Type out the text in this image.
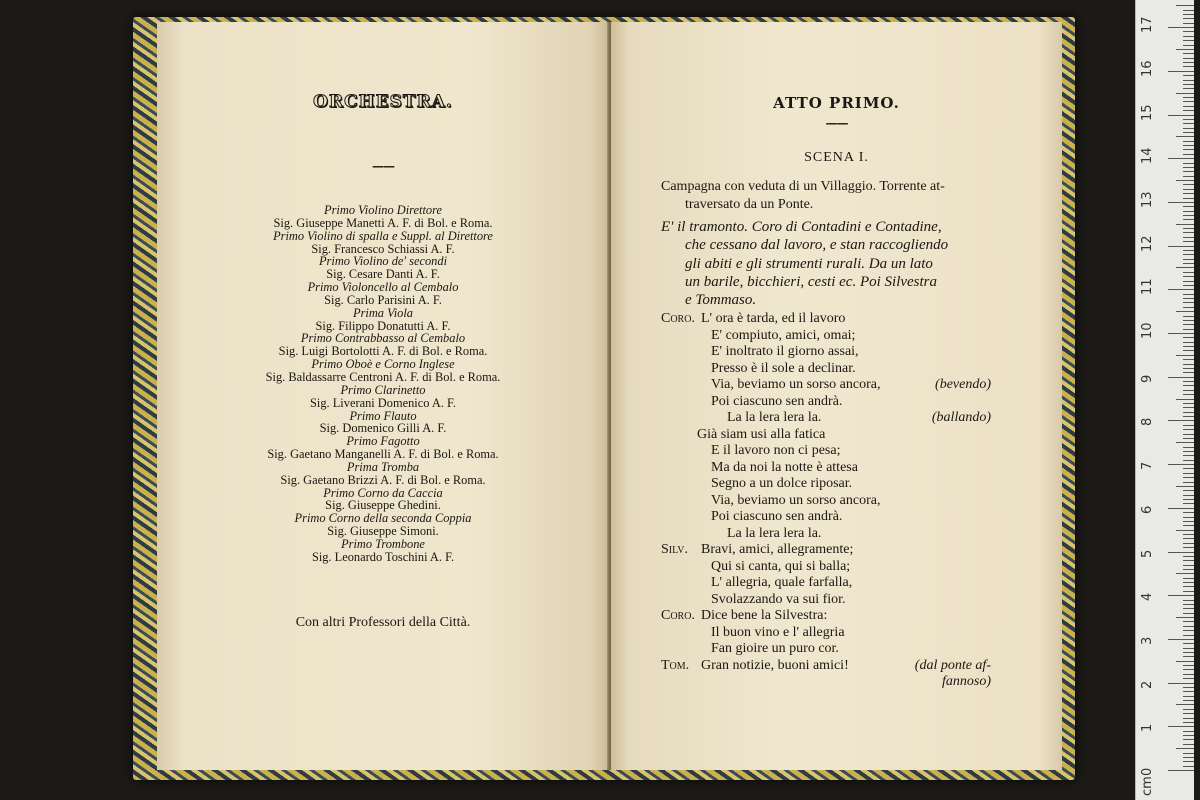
ORCHESTRA.
——
Primo Violino Direttore
Sig. Giuseppe Manetti A. F. di Bol. e Roma.
Primo Violino di spalla e Suppl. al Direttore
Sig. Francesco Schiassi A. F.
Primo Violino de' secondi
Sig. Cesare Danti A. F.
Primo Violoncello al Cembalo
Sig. Carlo Parisini A. F.
Prima Viola
Sig. Filippo Donatutti A. F.
Primo Contrabbasso al Cembalo
Sig. Luigi Bortolotti A. F. di Bol. e Roma.
Primo Oboè e Corno Inglese
Sig. Baldassarre Centroni A. F. di Bol. e Roma.
Primo Clarinetto
Sig. Liverani Domenico A. F.
Primo Flauto
Sig. Domenico Gilli A. F.
Primo Fagotto
Sig. Gaetano Manganelli A. F. di Bol. e Roma.
Prima Tromba
Sig. Gaetano Brizzi A. F. di Bol. e Roma.
Primo Corno da Caccia
Sig. Giuseppe Ghedini.
Primo Corno della seconda Coppia
Sig. Giuseppe Simoni.
Primo Trombone
Sig. Leonardo Toschini A. F.
Con altri Professori della Città.
ATTO PRIMO.
——
SCENA I.
Campagna con veduta di un Villaggio. Torrente at-
traversato da un Ponte.
E' il tramonto. Coro di Contadini e Contadine,
che cessano dal lavoro, e stan raccogliendo
gli abiti e gli strumenti rurali. Da un lato
un barile, bicchieri, cesti ec. Poi Silvestra
e Tommaso.
Coro. L' ora è tarda, ed il lavoro
E' compiuto, amici, omai;
E' inoltrato il giorno assai,
Presso è il sole a declinar.
Via, beviamo un sorso ancora,	(bevendo)
Poi ciascuno sen andrà.
La la lera lera la.	(ballando)
Già siam usi alla fatica
E il lavoro non ci pesa;
Ma da noi la notte è attesa
Segno a un dolce riposar.
Via, beviamo un sorso ancora,
Poi ciascuno sen andrà.
La la lera lera la.
Silv. Bravi, amici, allegramente;
Qui si canta, qui si balla;
L' allegria, quale farfalla,
Svolazzando va sui fior.
Coro. Dice bene la Silvestra:
Il buon vino e l' allegria
Fan gioire un puro cor.
Tom. Gran notizie, buoni amici!	(dal ponte af-
fannoso)
0
1
2
3
4
5
6
7
8
9
10
11
12
13
14
15
16
17
cm
